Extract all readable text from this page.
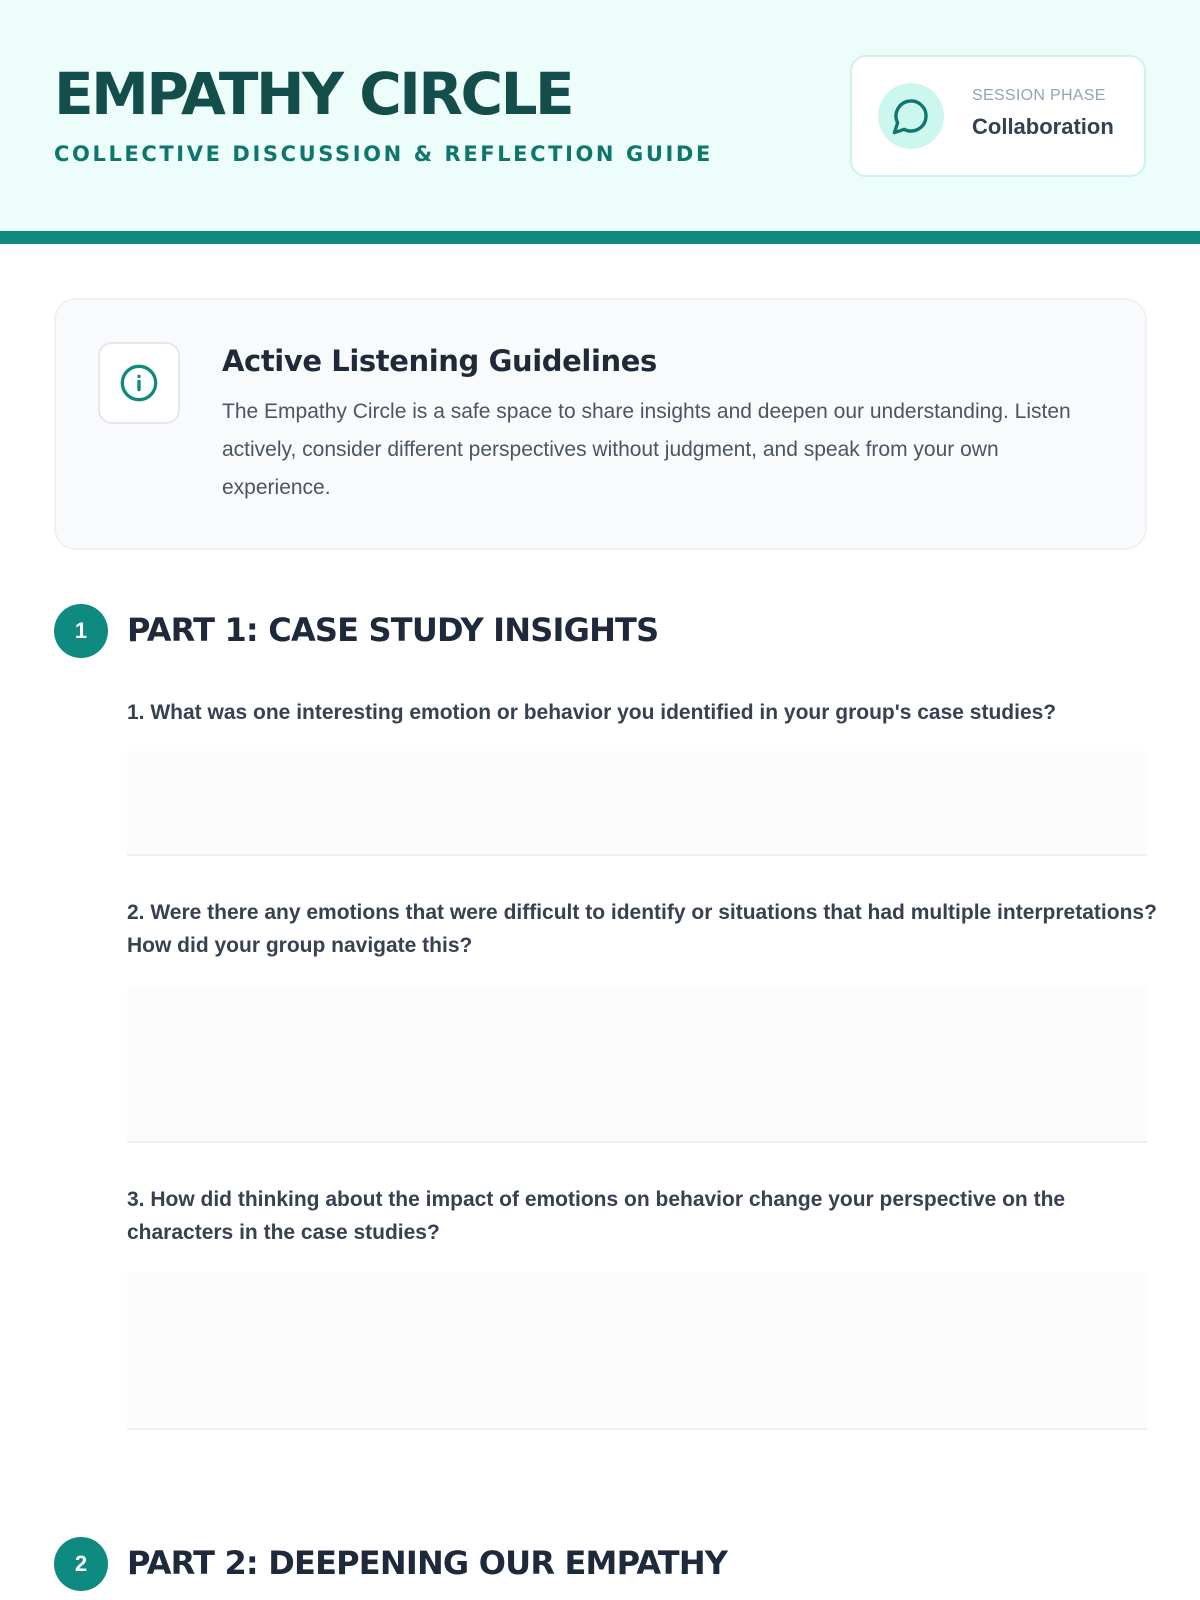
EMPATHY CIRCLE
COLLECTIVE DISCUSSION & REFLECTION GUIDE
SESSION PHASE
Collaboration
Active Listening Guidelines
The Empathy Circle is a safe space to share insights and deepen our understanding. Listen actively, consider different perspectives without judgment, and speak from your own experience.
1	PART 1: CASE STUDY INSIGHTS
1. What was one interesting emotion or behavior you identified in your group's case studies?
2. Were there any emotions that were difficult to identify or situations that had multiple interpretations? How did your group navigate this?
3. How did thinking about the impact of emotions on behavior change your perspective on the characters in the case studies?
2	PART 2: DEEPENING OUR EMPATHY
